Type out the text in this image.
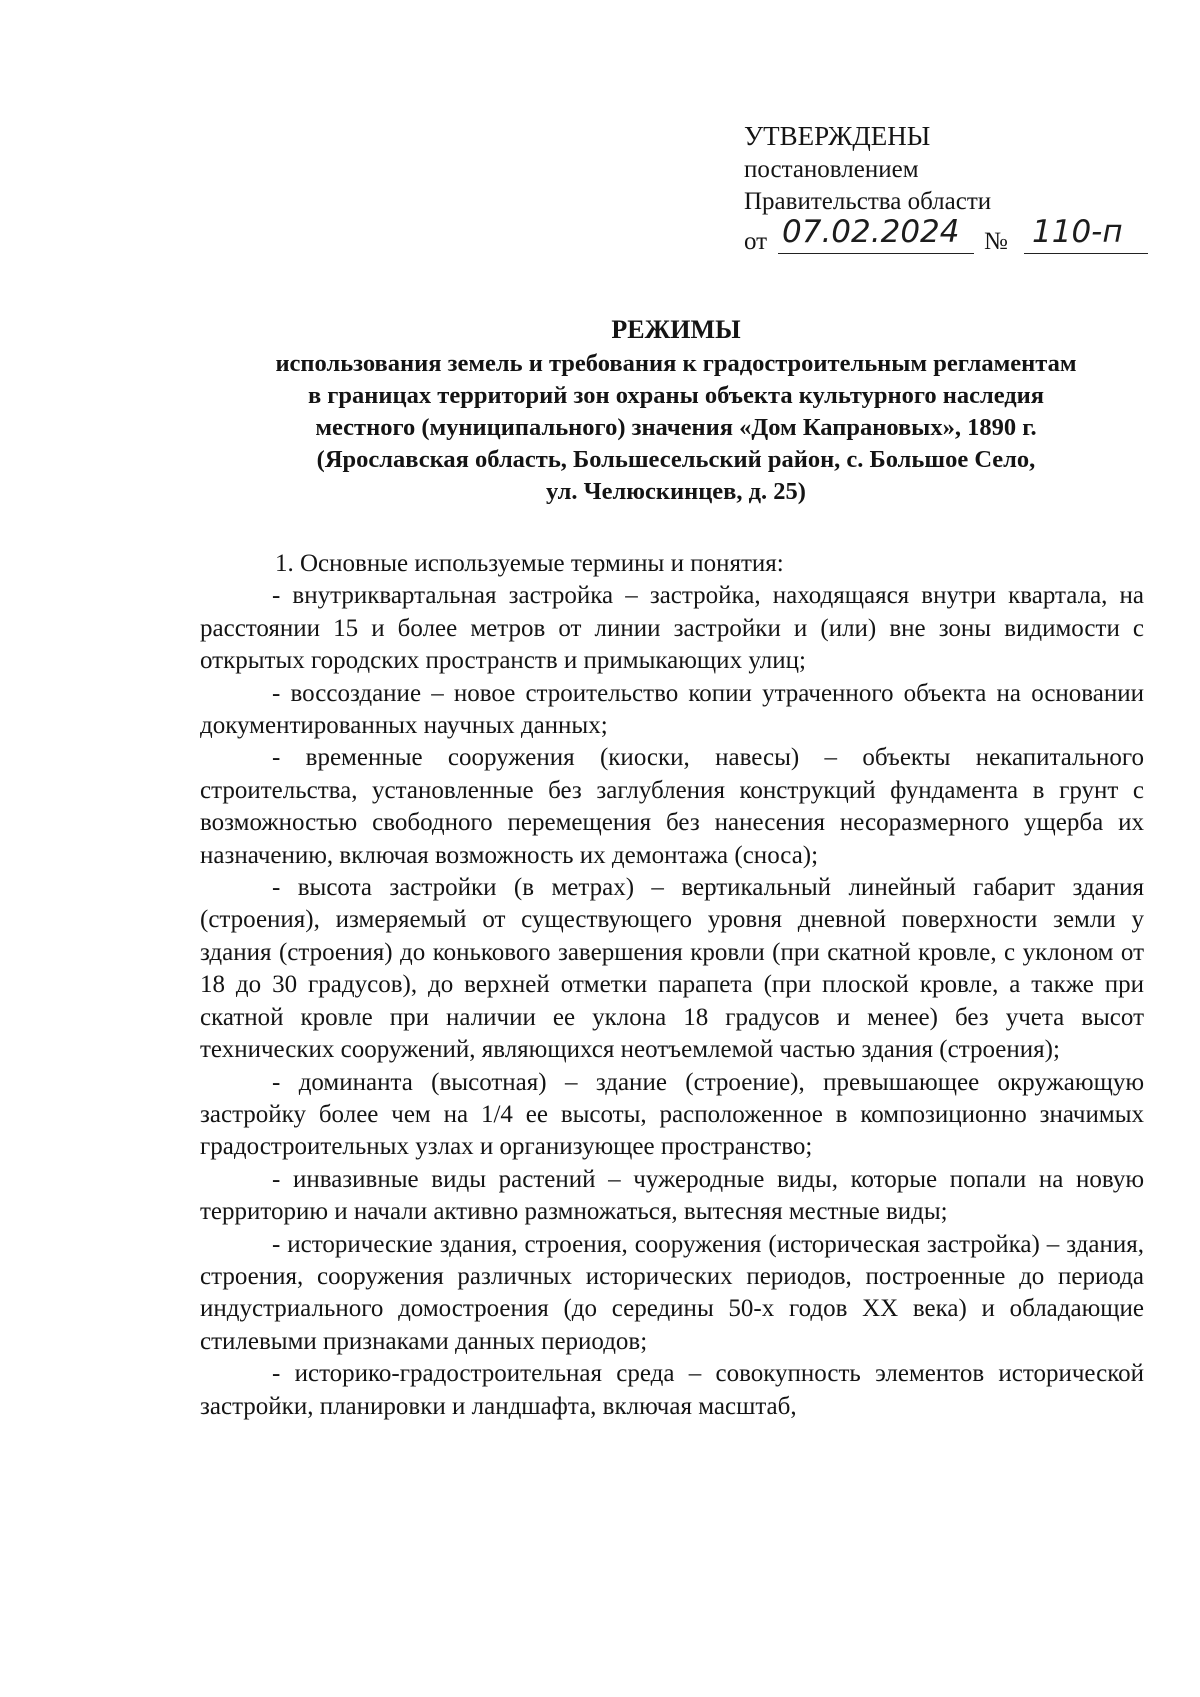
УТВЕРЖДЕНЫ
постановлением
Правительства области
от 07.02.2024 № 110-п
РЕЖИМЫ
использования земель и требования к градостроительным регламентам
в границах территорий зон охраны объекта культурного наследия
местного (муниципального) значения «Дом Капрановых», 1890 г.
(Ярославская область, Большесельский район, с. Большое Село,
ул. Челюскинцев, д. 25)

1. Основные используемые термины и понятия:

- внутриквартальная застройка – застройка, находящаяся внутри квартала, на расстоянии 15 и более метров от линии застройки и (или) вне зоны видимости с открытых городских пространств и примыкающих улиц;

- воссоздание – новое строительство копии утраченного объекта на основании документированных научных данных;

- временные сооружения (киоски, навесы) – объекты некапитального строительства, установленные без заглубления конструкций фундамента в грунт с возможностью свободного перемещения без нанесения несоразмерного ущерба их назначению, включая возможность их демонтажа (сноса);

- высота застройки (в метрах) – вертикальный линейный габарит здания (строения), измеряемый от существующего уровня дневной поверхности земли у здания (строения) до конькового завершения кровли (при скатной кровле, с уклоном от 18 до 30 градусов), до верхней отметки парапета (при плоской кровле, а также при скатной кровле при наличии ее уклона 18 градусов и менее) без учета высот технических сооружений, являющихся неотъемлемой частью здания (строения);

- доминанта (высотная) – здание (строение), превышающее окружающую застройку более чем на 1/4 ее высоты, расположенное в композиционно значимых градостроительных узлах и организующее пространство;

- инвазивные виды растений – чужеродные виды, которые попали на новую территорию и начали активно размножаться, вытесняя местные виды;

- исторические здания, строения, сооружения (историческая застройка) – здания, строения, сооружения различных исторических периодов, построенные до периода индустриального домостроения (до середины 50-х годов XX века) и обладающие стилевыми признаками данных периодов;

- историко-градостроительная среда – совокупность элементов исторической застройки, планировки и ландшафта, включая масштаб,
